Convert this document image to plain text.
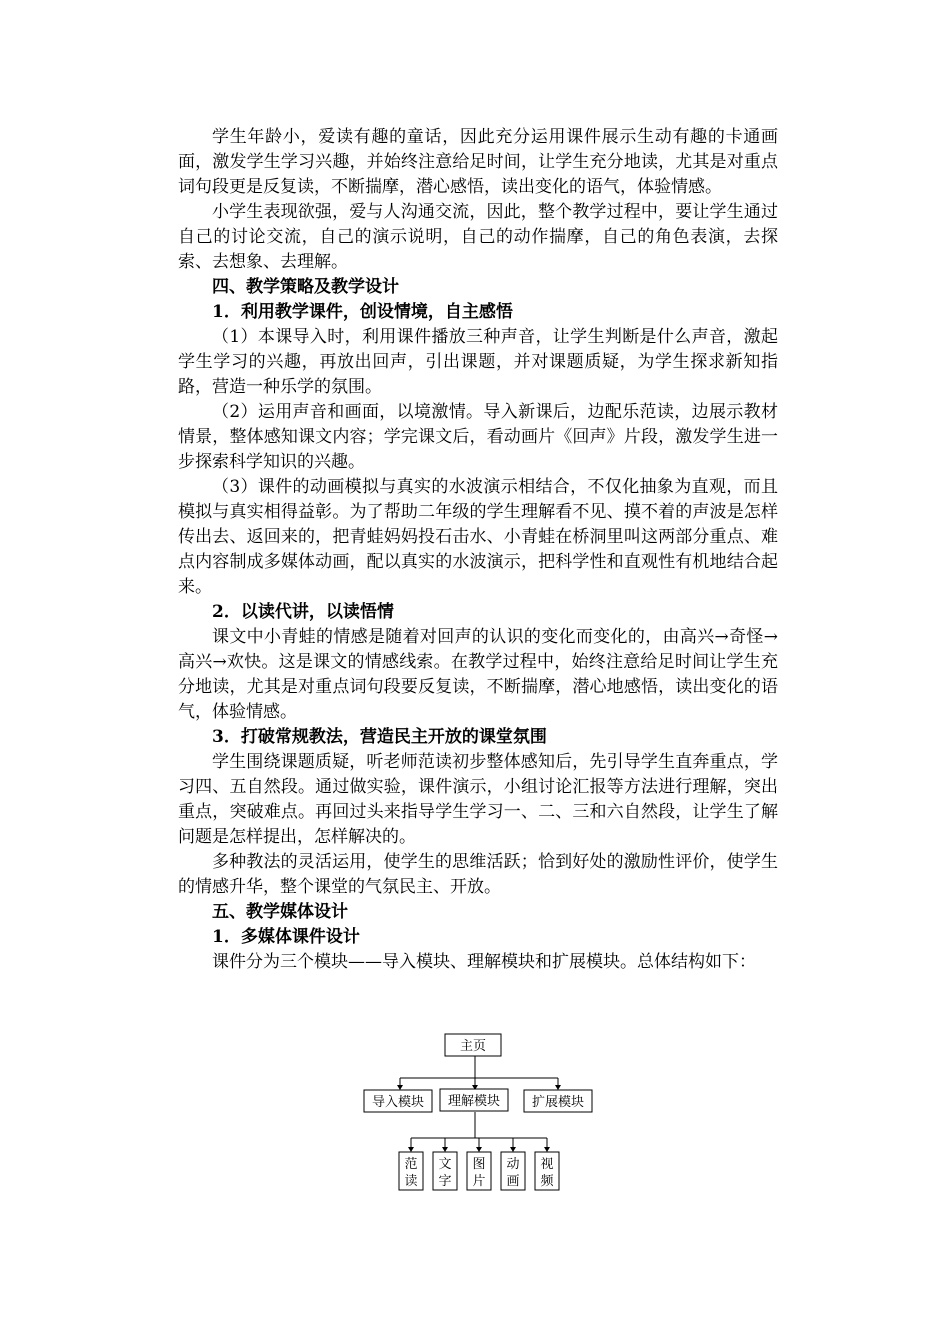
学生年龄小，爱读有趣的童话，因此充分运用课件展示生动有趣的卡通画面，激发学生学习兴趣，并始终注意给足时间，让学生充分地读，尤其是对重点词句段更是反复读，不断揣摩，潜心感悟，读出变化的语气，体验情感。

小学生表现欲强，爱与人沟通交流，因此，整个教学过程中，要让学生通过自己的讨论交流，自己的演示说明，自己的动作揣摩，自己的角色表演，去探索、去想象、去理解。

四、教学策略及教学设计

1．利用教学课件，创设情境，自主感悟

（1）本课导入时，利用课件播放三种声音，让学生判断是什么声音，激起学生学习的兴趣，再放出回声，引出课题，并对课题质疑，为学生探求新知指路，营造一种乐学的氛围。

（2）运用声音和画面，以境激情。导入新课后，边配乐范读，边展示教材情景，整体感知课文内容；学完课文后，看动画片《回声》片段，激发学生进一步探索科学知识的兴趣。

（3）课件的动画模拟与真实的水波演示相结合，不仅化抽象为直观，而且模拟与真实相得益彰。为了帮助二年级的学生理解看不见、摸不着的声波是怎样传出去、返回来的，把青蛙妈妈投石击水、小青蛙在桥洞里叫这两部分重点、难点内容制成多媒体动画，配以真实的水波演示，把科学性和直观性有机地结合起来。

2．以读代讲，以读悟情

课文中小青蛙的情感是随着对回声的认识的变化而变化的，由高兴→奇怪→高兴→欢快。这是课文的情感线索。在教学过程中，始终注意给足时间让学生充分地读，尤其是对重点词句段要反复读，不断揣摩，潜心地感悟，读出变化的语气，体验情感。

3．打破常规教法，营造民主开放的课堂氛围

学生围绕课题质疑，听老师范读初步整体感知后，先引导学生直奔重点，学习四、五自然段。通过做实验，课件演示，小组讨论汇报等方法进行理解，突出重点，突破难点。再回过头来指导学生学习一、二、三和六自然段，让学生了解问题是怎样提出，怎样解决的。

多种教法的灵活运用，使学生的思维活跃；恰到好处的激励性评价，使学生的情感升华，整个课堂的气氛民主、开放。

五、教学媒体设计

1．多媒体课件设计

课件分为三个模块——导入模块、理解模块和扩展模块。总体结构如下：

主页
导入模块 理解模块 扩展模块
范
读
文
字
图
片
动
画
视
频
